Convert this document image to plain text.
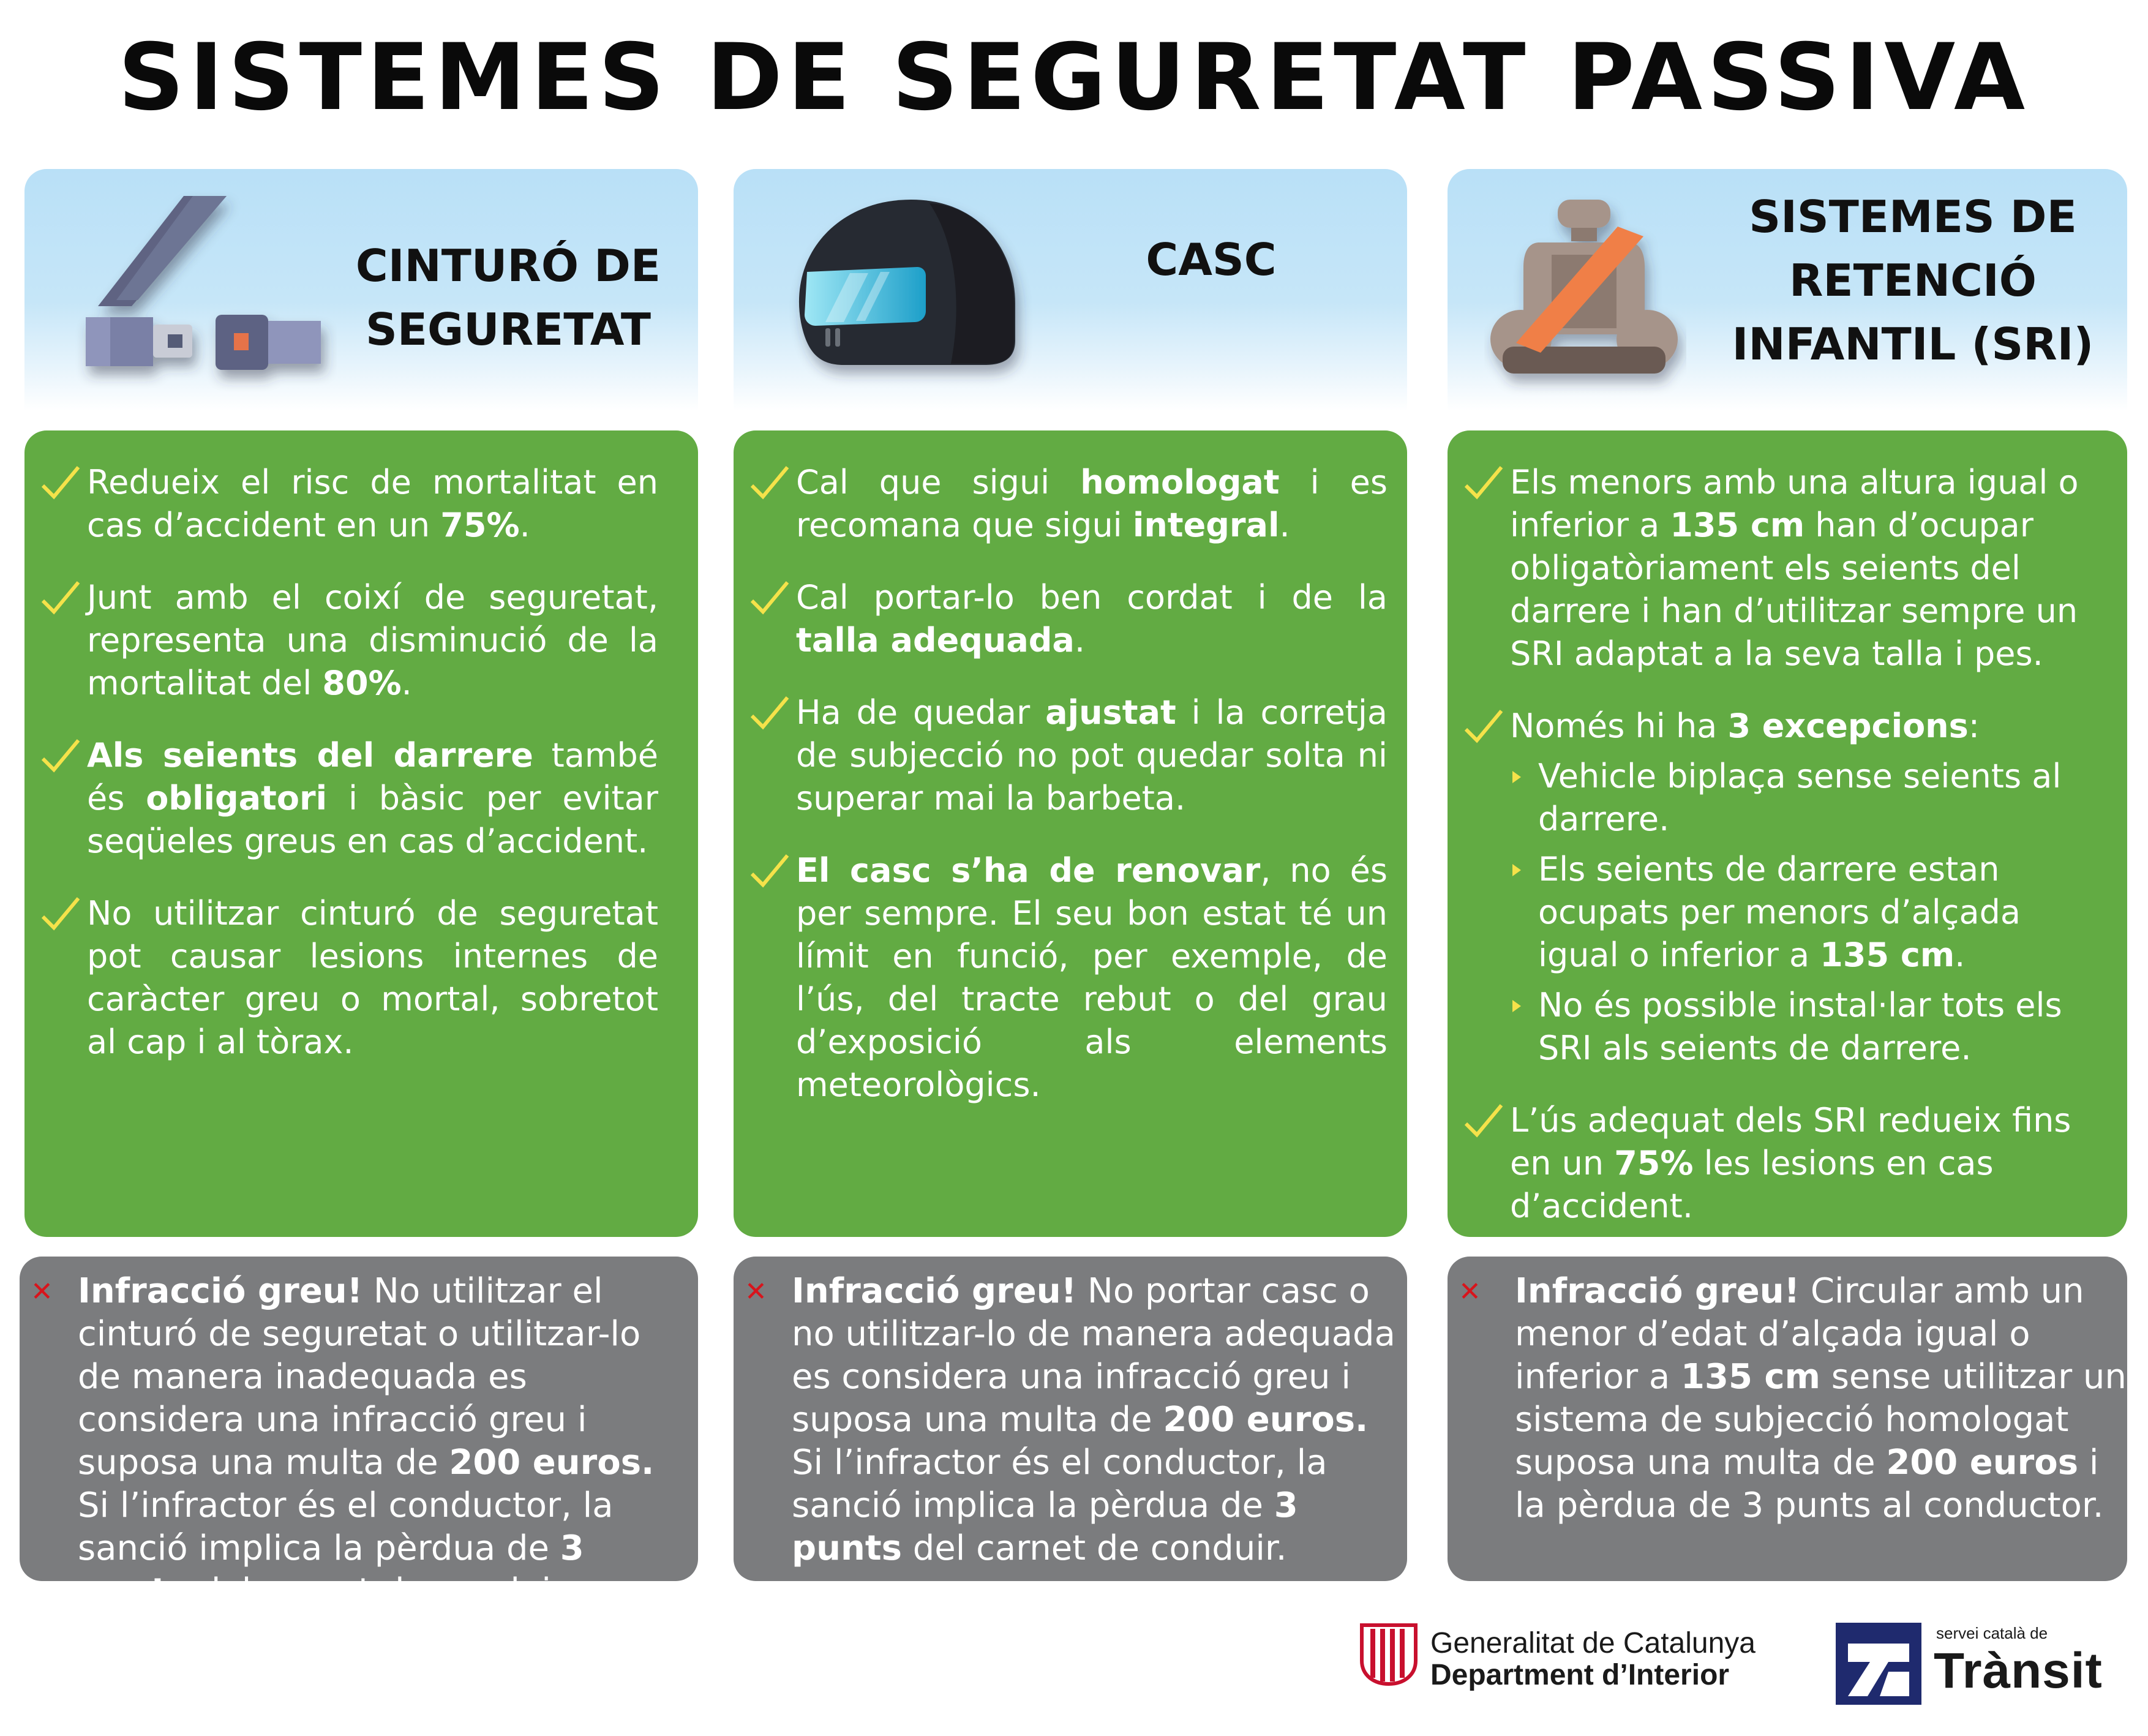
SISTEMES DE SEGURETAT PASSIVA
CINTURÓ DE
SEGURETAT
Redueix el risc de mortalitat en cas d’accident en un 75%.
Junt amb el coixí de seguretat, representa una disminució de la mortalitat del 80%.
Als seients del darrere també és obligatori i bàsic per evitar seqüeles greus en cas d’accident.
No utilitzar cinturó de seguretat pot causar lesions internes de caràcter greu o mortal, sobretot al cap i al tòrax.
✕ Infracció greu! No utilitzar el cinturó de seguretat o utilitzar-lo de manera inadequada es considera una infracció greu i suposa una multa de 200 euros. Si l’infractor és el conductor, la sanció implica la pèrdua de 3 punts del carnet de conduir.
CASC
Cal que sigui homologat i es recomana que sigui integral.
Cal portar-lo ben cordat i de la talla adequada.
Ha de quedar ajustat i la corretja de subjecció no pot quedar solta ni superar mai la barbeta.
El casc s’ha de renovar, no és per sempre. El seu bon estat té un límit en funció, per exemple, de l’ús, del tracte rebut o del grau d’exposició als elements meteorològics.
✕ Infracció greu! No portar casc o no utilitzar-lo de manera adequada es considera una infracció greu i suposa una multa de 200 euros. Si l’infractor és el conductor, la sanció implica la pèrdua de 3 punts del carnet de conduir.
SISTEMES DE
RETENCIÓ
INFANTIL (SRI)
Els menors amb una altura igual o inferior a 135 cm han d’ocupar obligatòriament els seients del darrere i han d’utilitzar sempre un SRI adaptat a la seva talla i pes.
Només hi ha 3 excepcions:
Vehicle biplaça sense seients al darrere.
Els seients de darrere estan ocupats per menors d’alçada igual o inferior a 135 cm.
No és possible instal·lar tots els SRI als seients de darrere.
L’ús adequat dels SRI redueix fins en un 75% les lesions en cas d’accident.
✕ Infracció greu! Circular amb un menor d’edat d’alçada igual o inferior a 135 cm sense utilitzar un sistema de subjecció homologat suposa una multa de 200 euros i la pèrdua de 3 punts al conductor.
Generalitat de Catalunya
Department d’Interior
servei català de
Trànsit
